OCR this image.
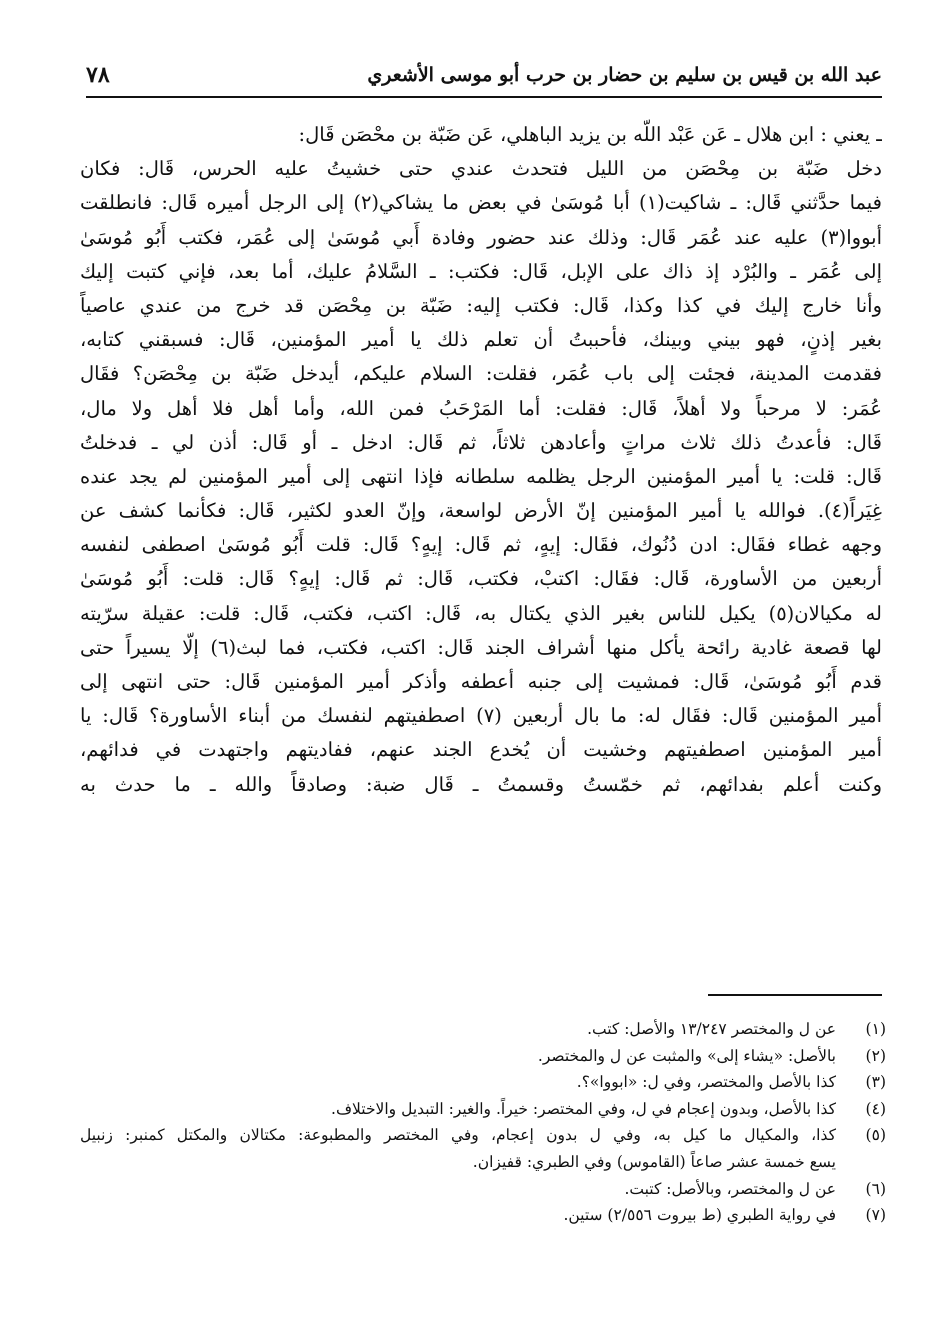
٧٨	عبد الله بن قيس بن سليم بن حضار بن حرب أبو موسى الأشعري
ـ يعني : ابن هلال ـ عَن عَبْد اللّه بن يزيد الباهلي، عَن ضَبّة بن محْصَن قَال:
دخل ضَبّة بن مِحْصَن من الليل فتحدث عندي حتى خشيتُ عليه الحرس، قَال: فكان
فيما حدَّثني قَال: ـ شاكيت(١) أبا مُوسَىٰ في بعض ما يشاكي(٢) إلى الرجل أميره قَال: فانطلقت
أبووا(٣) عليه عند عُمَر قَال: وذلك عند حضور وفادة أَبي مُوسَىٰ إلى عُمَر، فكتب أَبُو مُوسَىٰ
إلى عُمَر ـ والبُرْد إذ ذاك على الإبل، قَال: فكتب: ـ السَّلامُ عليك، أما بعد، فإني كتبت إليك
وأنا خارج إليك في كذا وكذا، قَال: فكتب إليه: ضَبّة بن مِحْصَن قد خرج من عندي عاصياً
بغير إذنٍ، فهو بيني وبينك، فأحببتُ أن تعلم ذلك يا أمير المؤمنين، قَال: فسبقني كتابه،
فقدمت المدينة، فجئت إلى باب عُمَر، فقلت: السلام عليكم، أيدخل ضَبّة بن مِحْصَن؟ فقَال
عُمَر: لا مرحباً ولا أهلاً، قَال: فقلت: أما المَرْحَبُ فمن الله، وأما أهل فلا أهل ولا مال،
قَال: فأعدتُ ذلك ثلاث مراتٍ وأعادهن ثلاثاً، ثم قَال: ادخل ـ أو قَال: أذن لي ـ فدخلتُ
قَال: قلت: يا أمير المؤمنين الرجل يظلمه سلطانه فإذا انتهى إلى أمير المؤمنين لم يجد عنده
غِيَراً(٤). فوالله يا أمير المؤمنين إنّ الأرض لواسعة، وإنّ العدو لكثير، قَال: فكأنما كشف عن
وجهه غطاء فقَال: ادن دُنُوك، فقَال: إيهٍ، ثم قَال: إيهٍ؟ قَال: قلت أَبُو مُوسَىٰ اصطفى لنفسه
أربعين من الأساورة، قَال: فقَال: اكتبْ، فكتب، قَال: ثم قَال: إيهٍ؟ قَال: قلت: أَبُو مُوسَىٰ
له مكيالان(٥) يكيل للناس بغير الذي يكتال به، قَال: اكتب، فكتب، قَال: قلت: عقيلة سرّيته
لها قصعة غادية رائحة يأكل منها أشراف الجند قَال: اكتب، فكتب، فما لبث(٦) إلّا يسيراً حتى
قدم أَبُو مُوسَىٰ، قَال: فمشيت إلى جنبه أعطفه وأذكر أمير المؤمنين قَال: حتى انتهى إلى
أمير المؤمنين قَال: فقَال له: ما بال أربعين (٧) اصطفيتهم لنفسك من أبناء الأساورة؟ قَال: يا
أمير المؤمنين اصطفيتهم وخشيت أن يُخدع الجند عنهم، ففاديتهم واجتهدت في فدائهم،
وكنت أعلم بفدائهم، ثم خمّستُ وقسمتُ ـ قَال ضبة: وصادقاً والله ـ ما حدث به
(١)
عن ل والمختصر ١٣/٢٤٧ والأصل: كتب.
(٢)
بالأصل: «يشاء إلى» والمثبت عن ل والمختصر.
(٣)
كذا بالأصل والمختصر، وفي ل: «ابووا»؟.
(٤)
كذا بالأصل، وبدون إعجام في ل، وفي المختصر: خيراً. والغير: التبديل والاختلاف.
(٥)
كذا، والمكيال ما كيل به، وفي ل بدون إعجام، وفي المختصر والمطبوعة: مكتالان والمكتل كمنبر: زنبيل
يسع خمسة عشر صاعاً (القاموس) وفي الطبري: قفيزان.
(٦)
عن ل والمختصر، وبالأصل: كتبت.
(٧)
في رواية الطبري (ط بيروت ٢/٥٥٦) ستين.
